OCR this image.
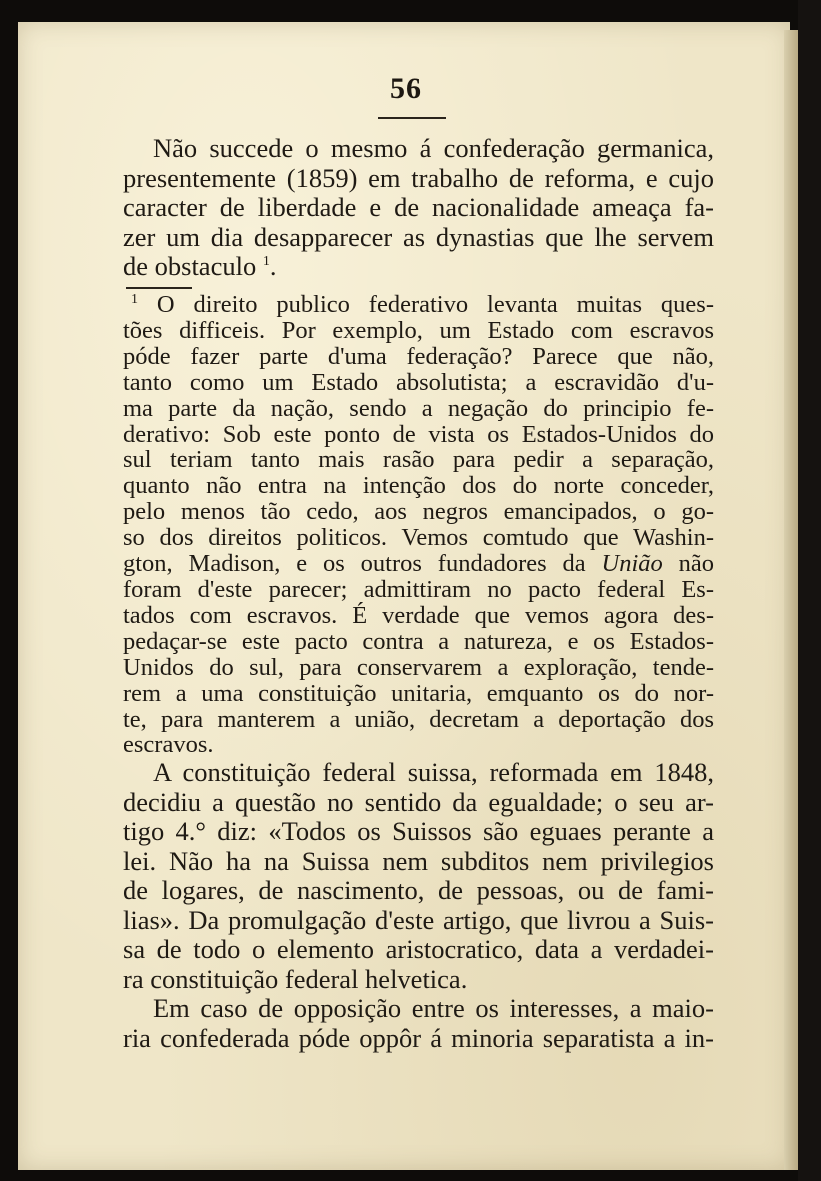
56

Não succede o mesmo á confederação germanica,
presentemente (1859) em trabalho de reforma, e cujo
caracter de liberdade e de nacionalidade ameaça fa-
zer um dia desapparecer as dynastias que lhe servem
de obstaculo $^1$.

$^1$ O direito publico federativo levanta muitas ques-
tões difficeis. Por exemplo, um Estado com escravos
póde fazer parte d'uma federação? Parece que não,
tanto como um Estado absolutista; a escravidão d'u-
ma parte da nação, sendo a negação do principio fe-
derativo: Sob este ponto de vista os Estados-Unidos do
sul teriam tanto mais rasão para pedir a separação,
quanto não entra na intenção dos do norte conceder,
pelo menos tão cedo, aos negros emancipados, o go-
so dos direitos politicos. Vemos comtudo que Washin-
gton, Madison, e os outros fundadores da União não
foram d'este parecer; admittiram no pacto federal Es-
tados com escravos. É verdade que vemos agora des-
pedaçar-se este pacto contra a natureza, e os Estados-
Unidos do sul, para conservarem a exploração, tende-
rem a uma constituição unitaria, emquanto os do nor-
te, para manterem a união, decretam a deportação dos
escravos.

A constituição federal suissa, reformada em 1848,
decidiu a questão no sentido da egualdade; o seu ar-
tigo 4.° diz: «Todos os Suissos são eguaes perante a
lei. Não ha na Suissa nem subditos nem privilegios
de logares, de nascimento, de pessoas, ou de fami-
lias». Da promulgação d'este artigo, que livrou a Suis-
sa de todo o elemento aristocratico, data a verdadei-
ra constituição federal helvetica.

Em caso de opposição entre os interesses, a maio-
ria confederada póde oppôr á minoria separatista a in-
